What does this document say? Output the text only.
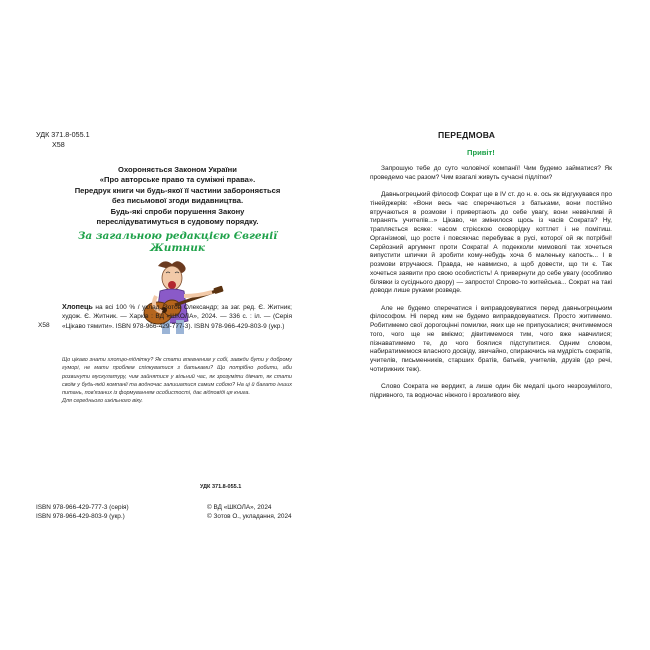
УДК 371.8-055.1
Х58
Охороняється Законом України
«Про авторське право та суміжні права».
Передрук книги чи будь-якої її частини забороняється
без письмової згоди видавництва.
Будь-які спроби порушення Закону
переслідуватимуться в судовому порядку.
За загальною редакцією Євгенії Житник
Х58
Хлопець на всі 100 % / уклад. Зотов Олександр; за заг. ред. Є. Житник; худож. Є. Житник. — Харків : ВД «ШКОЛА», 2024. — 336 с. : іл. — (Серія «Цікаво тямити». ISBN 978-966-429-777-3). ISBN 978-966-429-803-9 (укр.)
Що цікаво знати хлопцю-підлітку? Як стати впевненим у собі, завжди бути у доброму гуморі, не мати проблем спілкуватися з батьками? Що потрібно робити, аби розвинути мускулатуру, чим зайнятися у вільний час, як зрозуміти дівчат, як стати своїм у будь-якій компанії та водночас залишатися самим собою? На ці й багато інших питань, пов'язаних із формуванням особистості, дає відповіді ця книга.
Для середнього шкільного віку.
УДК 371.8-055.1
ISBN 978-966-429-777-3 (серія)
ISBN 978-966-429-803-9 (укр.)
© ВД «ШКОЛА», 2024
© Зотов О., укладання, 2024
ПЕРЕДМОВА
Привіт!

Запрошую тебе до суто чоловічої компанії! Чим будемо займатися? Як проведемо час разом? Чим взагалі живуть сучасні підлітки?

Давньогрецький філософ Сократ ще в IV ст. до н. е. ось як відгукувався про тінейджерів: «Вони весь час сперечаються з батьками, вони постійно втручаються в розмови і привертають до себе увагу, вони неввічливі й тиранять учителів...» Цікаво, чи змінилося щось із часів Сократа? Ну, трапляється всяке: часом стрієскою сковорідку коттлет і не помітиш. Організмові, що росте і повсякчас перебуває в русі, которої ой як потрібні! Серйозний аргумент проти Сократа! А подекколи мимоволі так хочеться випустити шпички й зробити кому-небудь хоча б маленьку капость... І в розмови втручаюся. Правда, не навмисно, а щоб довести, що ти є. Так хочеться заявити про свою особистість! А привернути до себе увагу (особливо білявки із сусіднього двору) — запросто! Спрово-то житейська... Сократ на такі доводи лише руками розведе.

Але не будемо сперечатися і виправдовуватися перед давньогрецьким філософом. Ні перед ким не будемо виправдовуватися. Просто житимемо. Робитимемо свої дорогоцінні помилки, яких ще не припускалися; вчитимемося того, чого ще не вміємо; дівитимемося тим, чого вже навчилися; пізнаватимемо те, до чого боялися підступитися. Одним словом, набиратимемося власного досвіду, звичайно, спираючись на мудрість сократів, учителів, письменників, старших братів, батьків, учителів, друзів (до речі, чотирикних теж).

Слово Сократа не вердикт, а лише один бік медалі цього незрозумілого, підривного, та водночас ніжного і врозливого віку.
